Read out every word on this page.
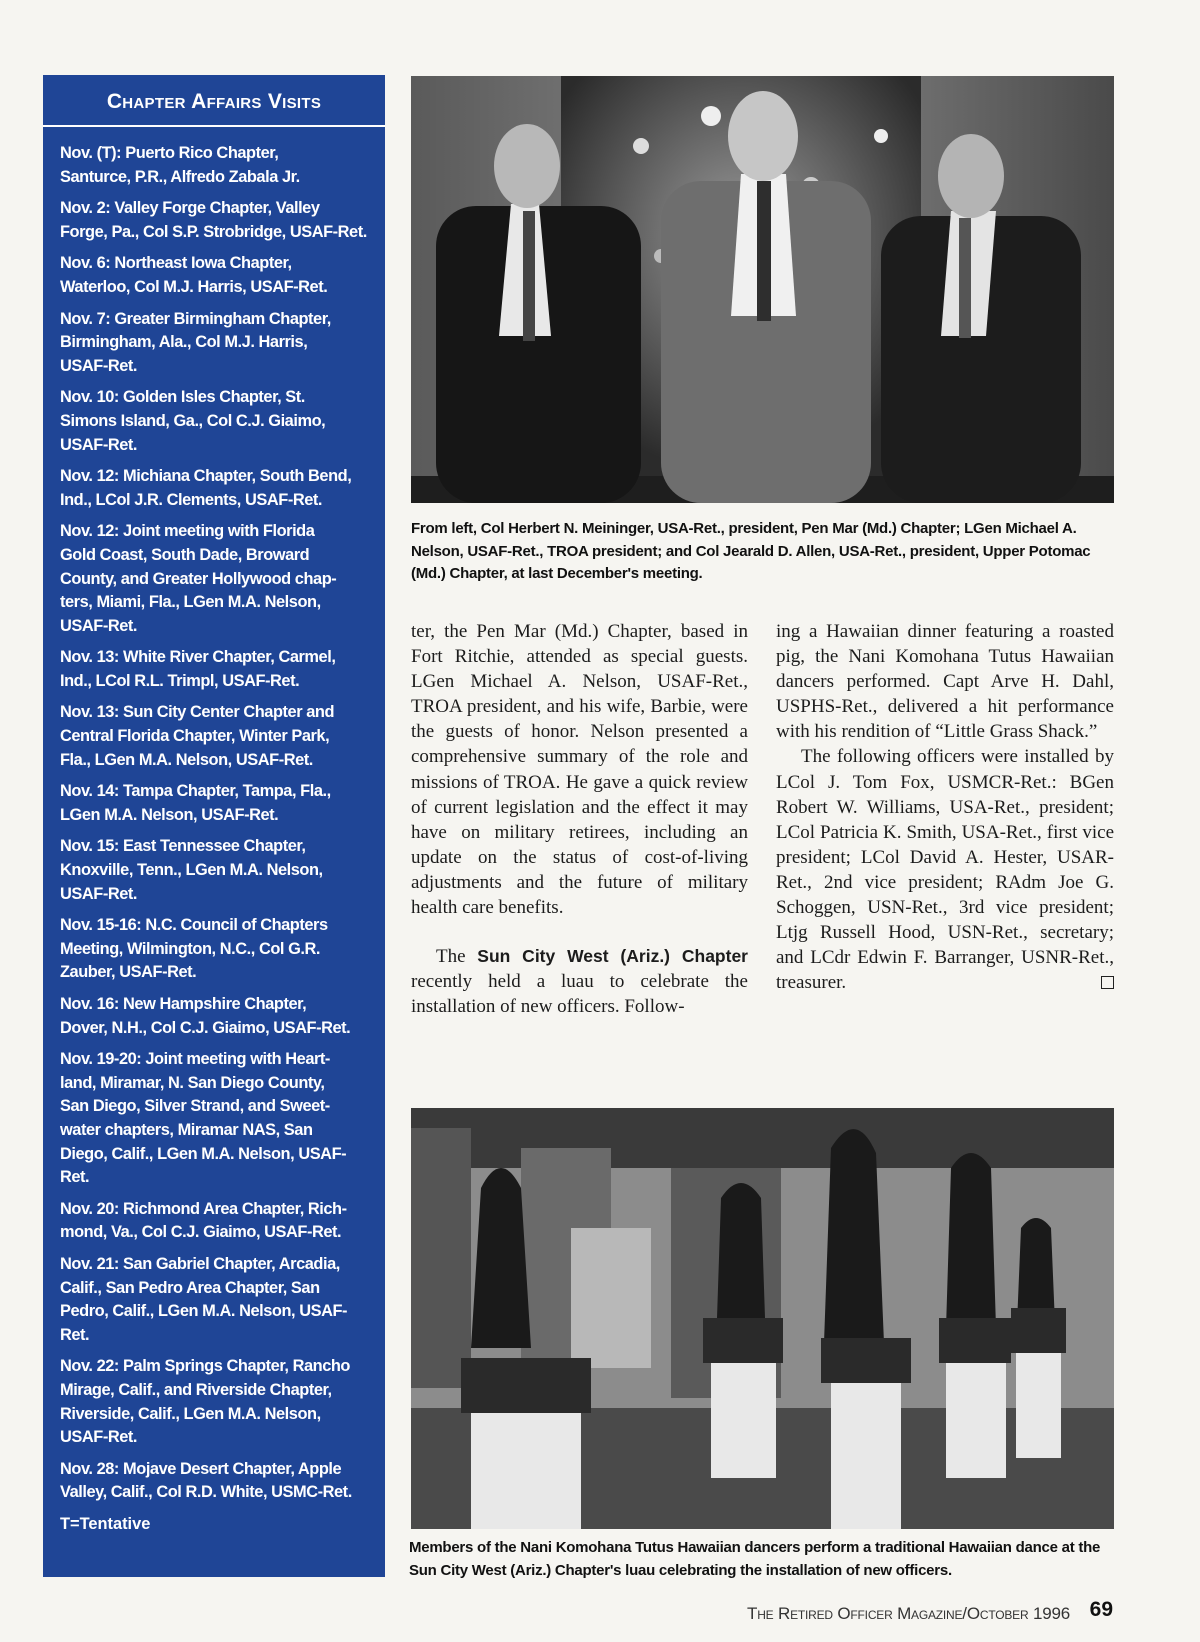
Chapter Affairs Visits
Nov. (T): Puerto Rico Chapter,
Santurce, P.R., Alfredo Zabala Jr.
Nov. 2: Valley Forge Chapter, Valley
Forge, Pa., Col S.P. Strobridge, USAF-Ret.
Nov. 6: Northeast Iowa Chapter,
Waterloo, Col M.J. Harris, USAF-Ret.
Nov. 7: Greater Birmingham Chapter,
Birmingham, Ala., Col M.J. Harris,
USAF-Ret.
Nov. 10: Golden Isles Chapter, St.
Simons Island, Ga., Col C.J. Giaimo,
USAF-Ret.
Nov. 12: Michiana Chapter, South Bend,
Ind., LCol J.R. Clements, USAF-Ret.
Nov. 12: Joint meeting with Florida
Gold Coast, South Dade, Broward
County, and Greater Hollywood chap-
ters, Miami, Fla., LGen M.A. Nelson,
USAF-Ret.
Nov. 13: White River Chapter, Carmel,
Ind., LCol R.L. Trimpl, USAF-Ret.
Nov. 13: Sun City Center Chapter and
Central Florida Chapter, Winter Park,
Fla., LGen M.A. Nelson, USAF-Ret.
Nov. 14: Tampa Chapter, Tampa, Fla.,
LGen M.A. Nelson, USAF-Ret.
Nov. 15: East Tennessee Chapter,
Knoxville, Tenn., LGen M.A. Nelson,
USAF-Ret.
Nov. 15-16: N.C. Council of Chapters
Meeting, Wilmington, N.C., Col G.R.
Zauber, USAF-Ret.
Nov. 16: New Hampshire Chapter,
Dover, N.H., Col C.J. Giaimo, USAF-Ret.
Nov. 19-20: Joint meeting with Heart-
land, Miramar, N. San Diego County,
San Diego, Silver Strand, and Sweet-
water chapters, Miramar NAS, San
Diego, Calif., LGen M.A. Nelson, USAF-
Ret.
Nov. 20: Richmond Area Chapter, Rich-
mond, Va., Col C.J. Giaimo, USAF-Ret.
Nov. 21: San Gabriel Chapter, Arcadia,
Calif., San Pedro Area Chapter, San
Pedro, Calif., LGen M.A. Nelson, USAF-
Ret.
Nov. 22: Palm Springs Chapter, Rancho
Mirage, Calif., and Riverside Chapter,
Riverside, Calif., LGen M.A. Nelson,
USAF-Ret.
Nov. 28: Mojave Desert Chapter, Apple
Valley, Calif., Col R.D. White, USMC-Ret.
T=Tentative
From left, Col Herbert N. Meininger, USA-Ret., president, Pen Mar (Md.) Chapter; LGen Michael A. Nelson, USAF-Ret., TROA president; and Col Jearald D. Allen, USA-Ret., president, Upper Potomac (Md.) Chapter, at last December's meeting.

ter, the Pen Mar (Md.) Chapter, based in Fort Ritchie, attended as special guests. LGen Michael A. Nelson, USAF-Ret., TROA president, and his wife, Barbie, were the guests of honor. Nelson presented a comprehensive summary of the role and missions of TROA. He gave a quick review of current legislation and the effect it may have on military retirees, including an update on the status of cost-of-living adjustments and the future of military health care benefits.

The Sun City West (Ariz.) Chapter recently held a luau to celebrate the installation of new officers. Follow-

ing a Hawaiian dinner featuring a roasted pig, the Nani Komohana Tutus Hawaiian dancers performed. Capt Arve H. Dahl, USPHS-Ret., delivered a hit performance with his rendition of “Little Grass Shack.”

The following officers were installed by LCol J. Tom Fox, USMCR-Ret.: BGen Robert W. Williams, USA-Ret., president; LCol Patricia K. Smith, USA-Ret., first vice president; LCol David A. Hester, USAR-Ret., 2nd vice president; RAdm Joe G. Schoggen, USN-Ret., 3rd vice president; Ltjg Russell Hood, USN-Ret., secretary; and LCdr Edwin F. Barranger, USNR-Ret., treasurer.

Members of the Nani Komohana Tutus Hawaiian dancers perform a traditional Hawaiian dance at the Sun City West (Ariz.) Chapter's luau celebrating the installation of new officers.
The Retired Officer Magazine/October 1996 69
